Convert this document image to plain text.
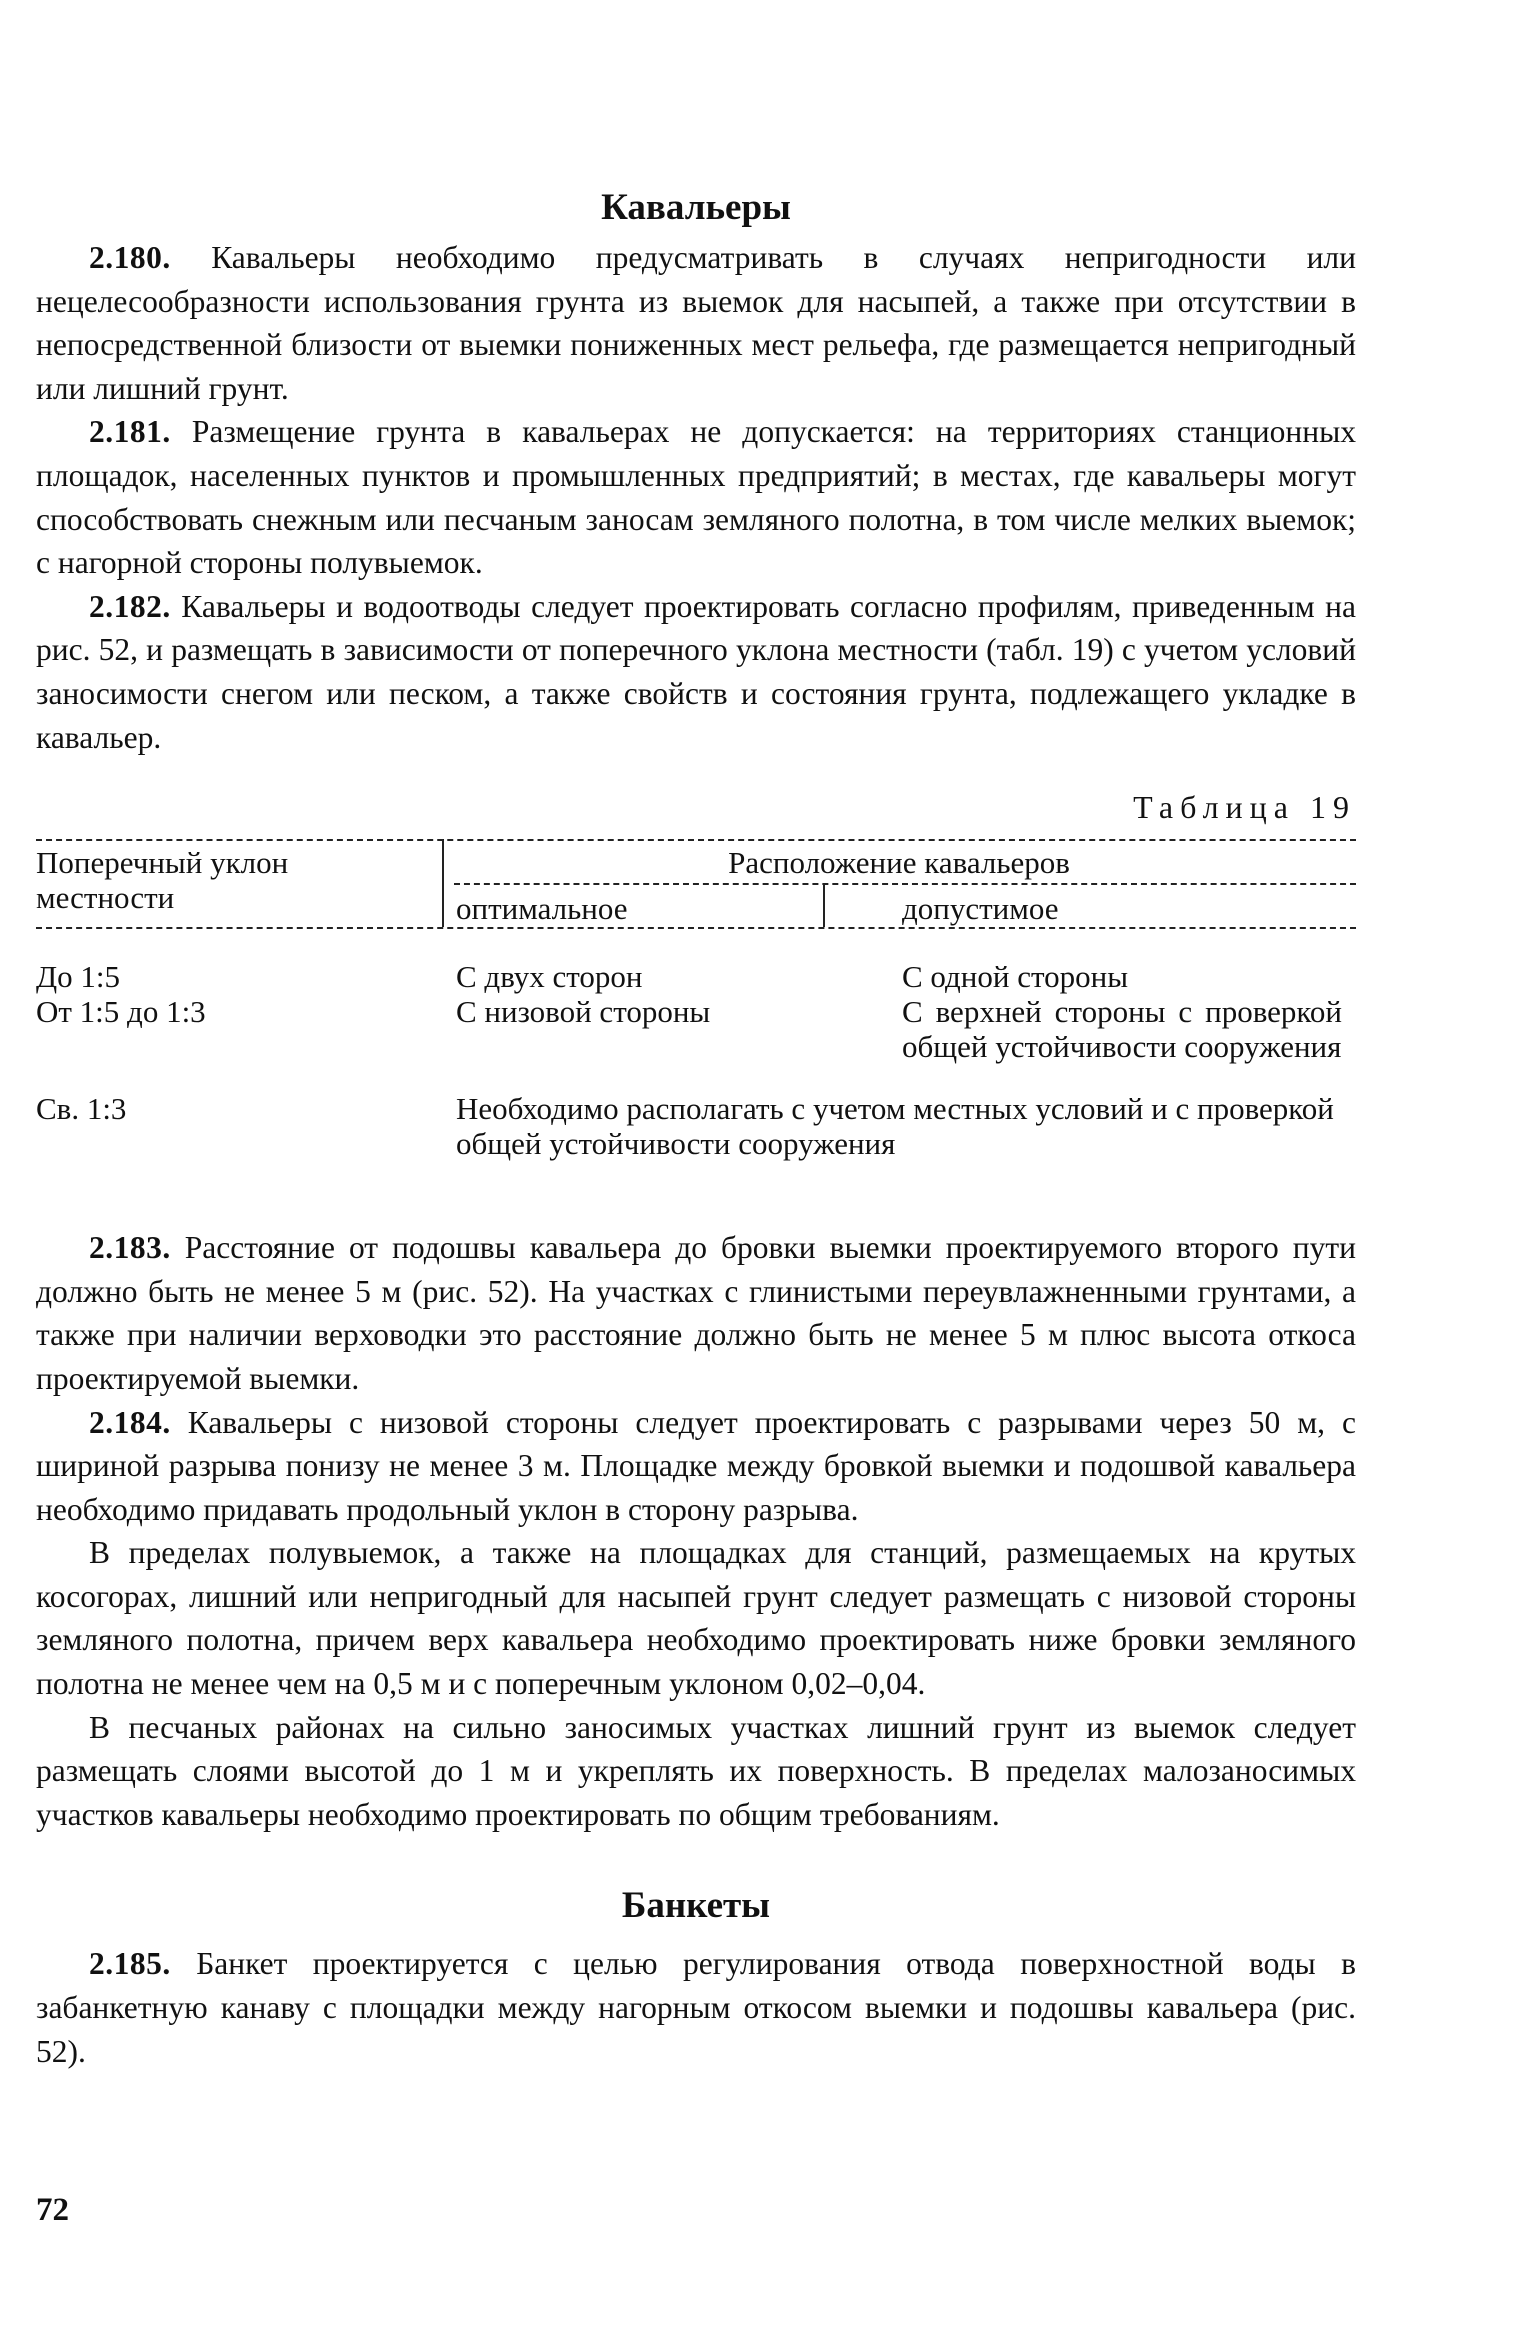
Кавальеры

2.180. Кавальеры необходимо предусматривать в случаях непригодности или нецелесообразности использования грунта из выемок для насыпей, а также при отсутствии в непосредственной близости от выемки пониженных мест рельефа, где размещается непригодный или лишний грунт.

2.181. Размещение грунта в кавальерах не допускается: на территориях станционных площадок, населенных пунктов и промышленных предприятий; в местах, где кавальеры могут способствовать снежным или песчаным заносам земляного полотна, в том числе мелких выемок; с нагорной стороны полувыемок.

2.182. Кавальеры и водоотводы следует проектировать согласно профилям, приведенным на рис. 52, и размещать в зависимости от поперечного уклона местности (табл. 19) с учетом условий заносимости снегом или песком, а также свойств и состояния грунта, подлежащего укладке в кавальер.

Таблица 19
Поперечный уклон местности
Расположение кавальеров
оптимальное	допустимое
До 1:5	С двух сторон	С одной стороны
От 1:5 до 1:3	С низовой стороны	С верхней стороны с проверкой общей устойчивости сооружения
Св. 1:3	Необходимо располагать с учетом местных условий и с проверкой общей устойчивости сооружения

2.183. Расстояние от подошвы кавальера до бровки выемки проектируемого второго пути должно быть не менее 5 м (рис. 52). На участках с глинистыми переувлажненными грунтами, а также при наличии верховодки это расстояние должно быть не менее 5 м плюс высота откоса проектируемой выемки.

2.184. Кавальеры с низовой стороны следует проектировать с разрывами через 50 м, с шириной разрыва понизу не менее 3 м. Площадке между бровкой выемки и подошвой кавальера необходимо придавать продольный уклон в сторону разрыва.

В пределах полувыемок, а также на площадках для станций, размещаемых на крутых косогорах, лишний или непригодный для насыпей грунт следует размещать с низовой стороны земляного полотна, причем верх кавальера необходимо проектировать ниже бровки земляного полотна не менее чем на 0,5 м и с поперечным уклоном 0,02–0,04.

В песчаных районах на сильно заносимых участках лишний грунт из выемок следует размещать слоями высотой до 1 м и укреплять их поверхность. В пределах малозаносимых участков кавальеры необходимо проектировать по общим требованиям.

Банкеты

2.185. Банкет проектируется с целью регулирования отвода поверхностной воды в забанкетную канаву с площадки между нагорным откосом выемки и подошвы кавальера (рис. 52).

72
